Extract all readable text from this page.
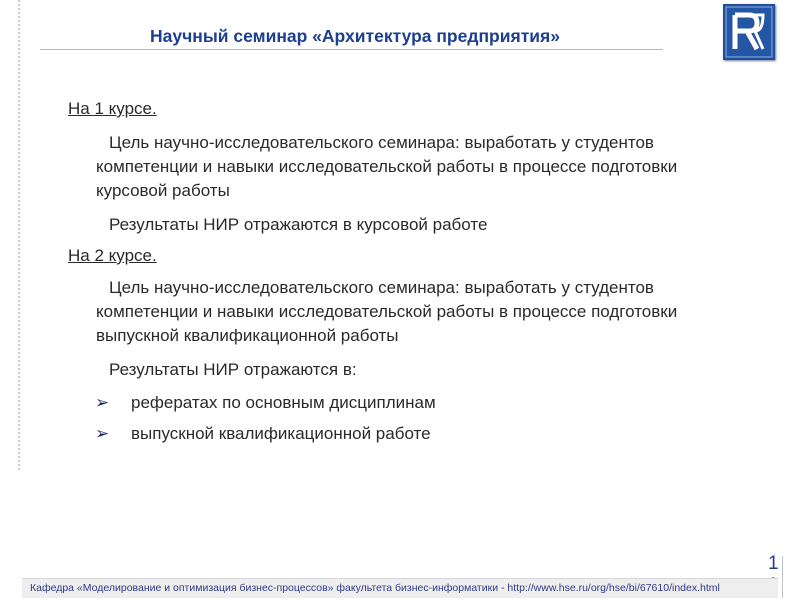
Научный семинар «Архитектура предприятия»
На 1 курсе.
Цель научно-исследовательского семинара: выработать у студентов
компетенции и навыки исследовательской работы в процессе подготовки
курсовой работы
Результаты НИР отражаются в курсовой работе
На 2 курсе.
Цель научно-исследовательского семинара: выработать у студентов
компетенции и навыки исследовательской работы в процессе подготовки
выпускной квалификационной работы
Результаты НИР отражаются в:
➢ рефератах по основным дисциплинам
➢ выпускной квалификационной работе
1
Кафедра «Моделирование и оптимизация бизнес-процессов» факультета бизнес-информатики - http://www.hse.ru/org/hse/bi/67610/index.html
